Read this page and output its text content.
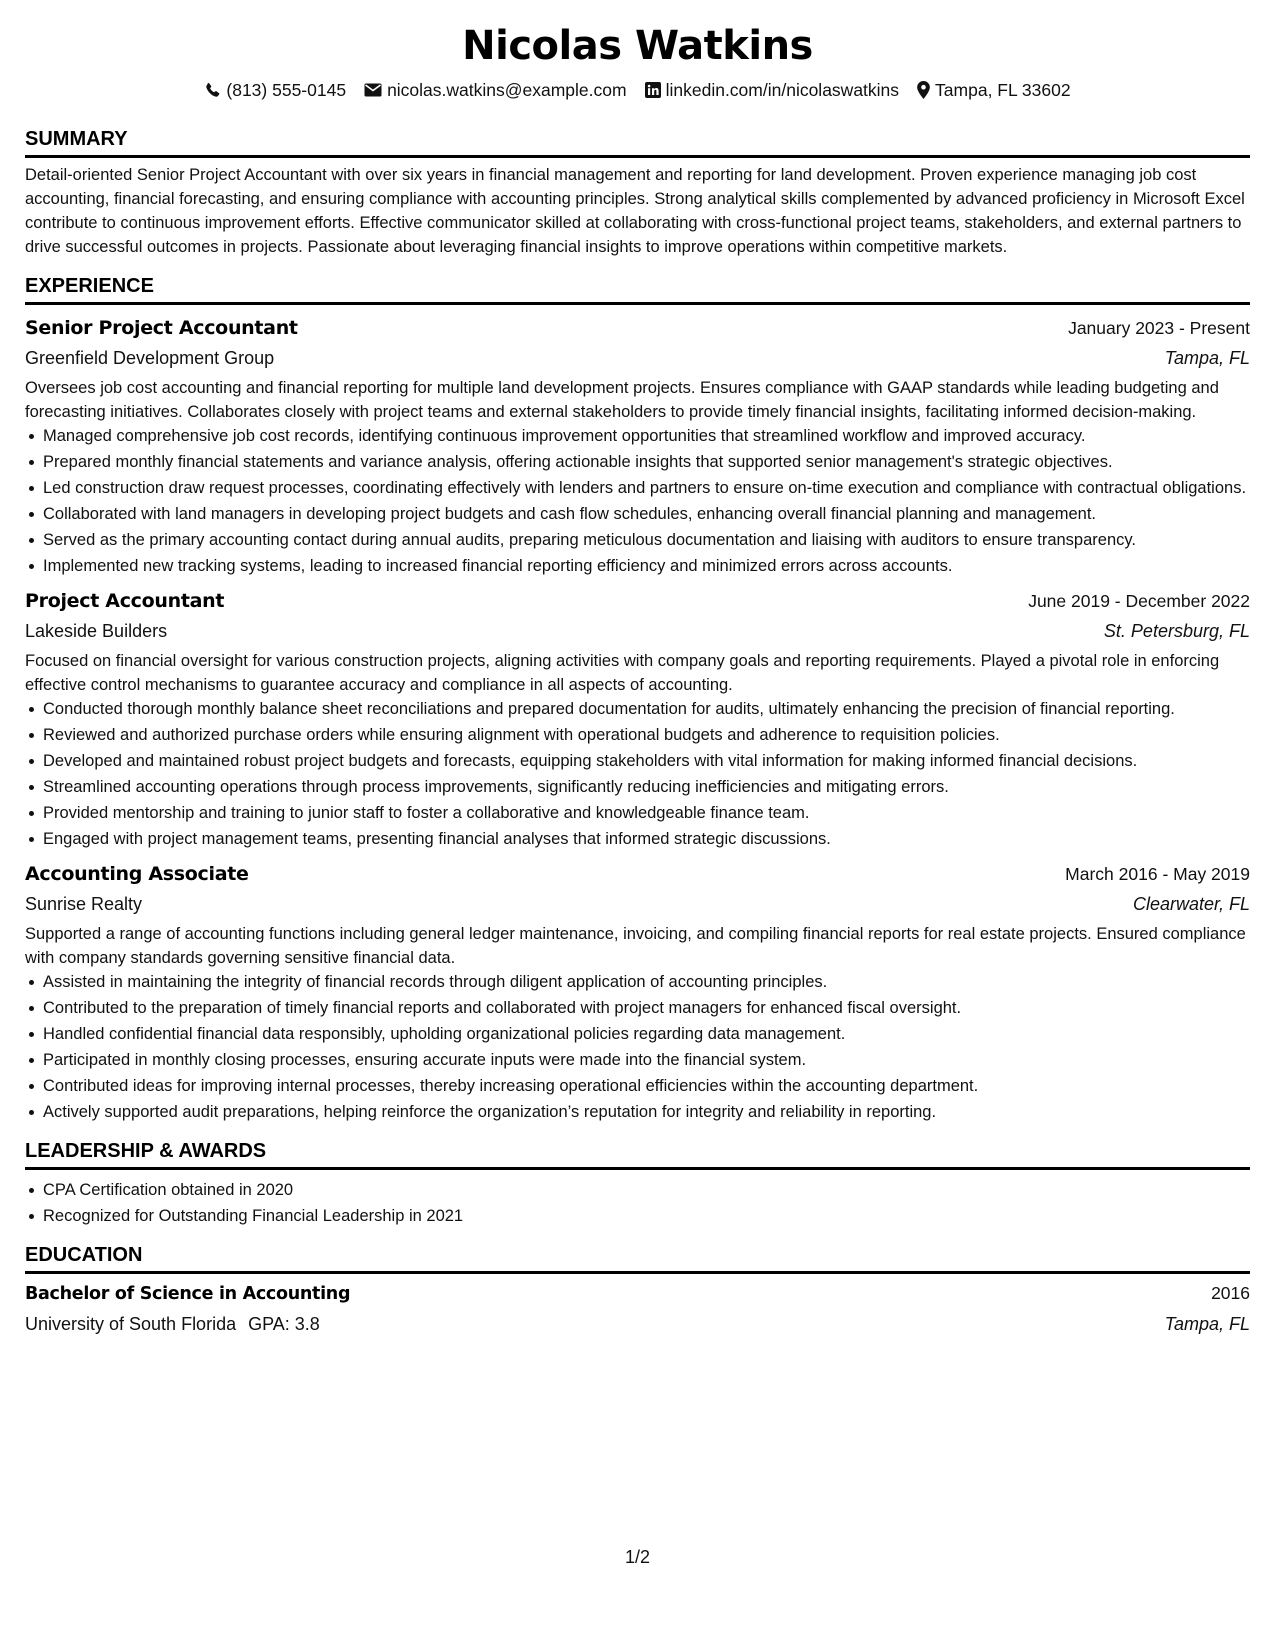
Nicolas Watkins
(813) 555-0145 nicolas.watkins@example.com linkedin.com/in/nicolaswatkins Tampa, FL 33602
SUMMARY

Detail-oriented Senior Project Accountant with over six years in financial management and reporting for land development. Proven experience managing job cost accounting, financial forecasting, and ensuring compliance with accounting principles. Strong analytical skills complemented by advanced proficiency in Microsoft Excel contribute to continuous improvement efforts. Effective communicator skilled at collaborating with cross-functional project teams, stakeholders, and external partners to drive successful outcomes in projects. Passionate about leveraging financial insights to improve operations within competitive markets.

EXPERIENCE
Senior Project Accountant	January 2023 - Present
Greenfield Development Group	Tampa, FL

Oversees job cost accounting and financial reporting for multiple land development projects. Ensures compliance with GAAP standards while leading budgeting and forecasting initiatives. Collaborates closely with project teams and external stakeholders to provide timely financial insights, facilitating informed decision-making.

Managed comprehensive job cost records, identifying continuous improvement opportunities that streamlined workflow and improved accuracy.
Prepared monthly financial statements and variance analysis, offering actionable insights that supported senior management's strategic objectives.
Led construction draw request processes, coordinating effectively with lenders and partners to ensure on-time execution and compliance with contractual obligations.
Collaborated with land managers in developing project budgets and cash flow schedules, enhancing overall financial planning and management.
Served as the primary accounting contact during annual audits, preparing meticulous documentation and liaising with auditors to ensure transparency.
Implemented new tracking systems, leading to increased financial reporting efficiency and minimized errors across accounts.
Project Accountant	June 2019 - December 2022
Lakeside Builders	St. Petersburg, FL

Focused on financial oversight for various construction projects, aligning activities with company goals and reporting requirements. Played a pivotal role in enforcing effective control mechanisms to guarantee accuracy and compliance in all aspects of accounting.

Conducted thorough monthly balance sheet reconciliations and prepared documentation for audits, ultimately enhancing the precision of financial reporting.
Reviewed and authorized purchase orders while ensuring alignment with operational budgets and adherence to requisition policies.
Developed and maintained robust project budgets and forecasts, equipping stakeholders with vital information for making informed financial decisions.
Streamlined accounting operations through process improvements, significantly reducing inefficiencies and mitigating errors.
Provided mentorship and training to junior staff to foster a collaborative and knowledgeable finance team.
Engaged with project management teams, presenting financial analyses that informed strategic discussions.
Accounting Associate	March 2016 - May 2019
Sunrise Realty	Clearwater, FL

Supported a range of accounting functions including general ledger maintenance, invoicing, and compiling financial reports for real estate projects. Ensured compliance with company standards governing sensitive financial data.

Assisted in maintaining the integrity of financial records through diligent application of accounting principles.
Contributed to the preparation of timely financial reports and collaborated with project managers for enhanced fiscal oversight.
Handled confidential financial data responsibly, upholding organizational policies regarding data management.
Participated in monthly closing processes, ensuring accurate inputs were made into the financial system.
Contributed ideas for improving internal processes, thereby increasing operational efficiencies within the accounting department.
Actively supported audit preparations, helping reinforce the organization’s reputation for integrity and reliability in reporting.
LEADERSHIP & AWARDS
CPA Certification obtained in 2020
Recognized for Outstanding Financial Leadership in 2021
EDUCATION
Bachelor of Science in Accounting	2016
University of South Florida GPA: 3.8	Tampa, FL
1/2
